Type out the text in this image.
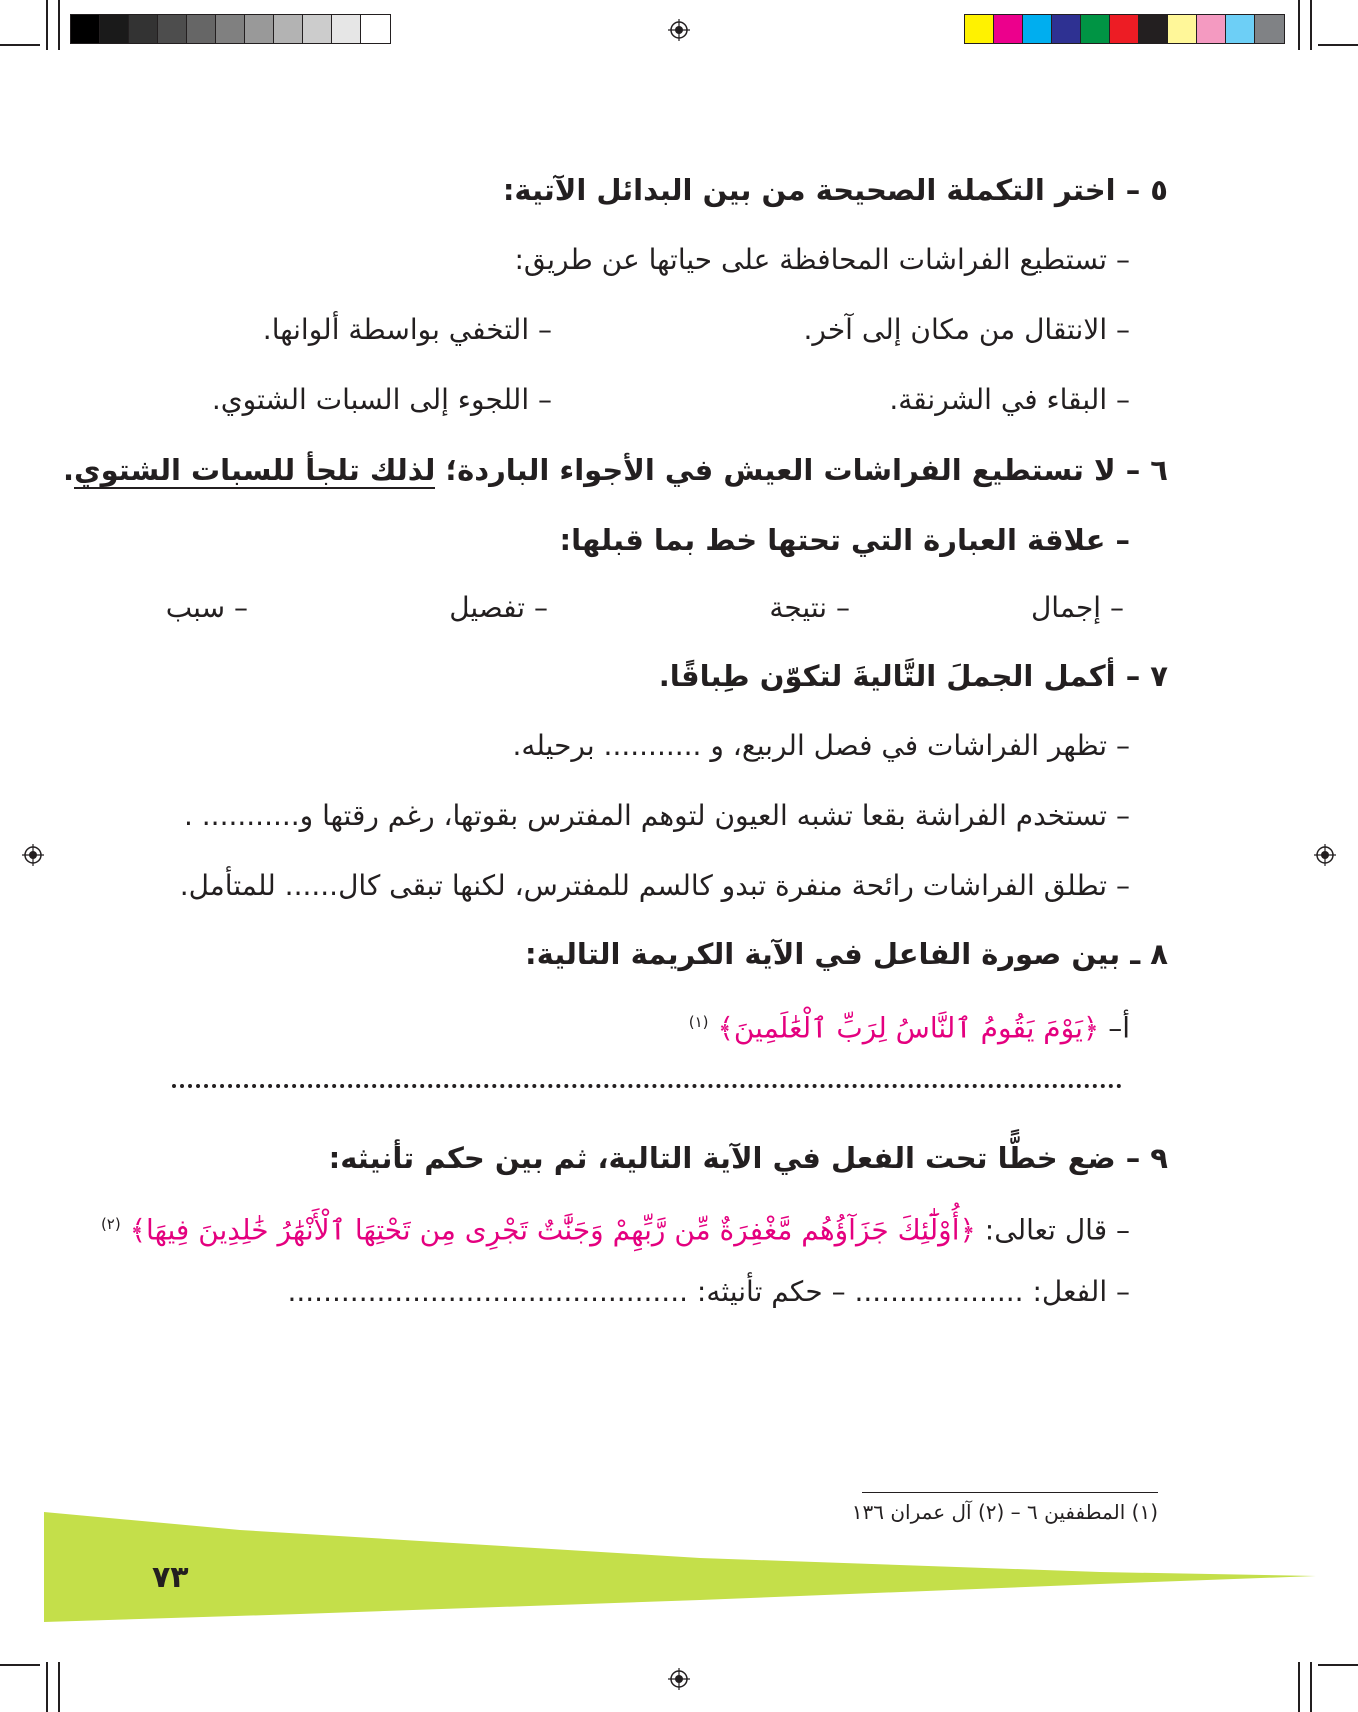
٥ – اختر التكملة الصحيحة من بين البدائل الآتية:
– تستطيع الفراشات المحافظة على حياتها عن طريق:
– الانتقال من مكان إلى آخر.
– التخفي بواسطة ألوانها.
– البقاء في الشرنقة.
– اللجوء إلى السبات الشتوي.
٦ – لا تستطيع الفراشات العيش في الأجواء الباردة؛ لذلك تلجأ للسبات الشتوي.
– علاقة العبارة التي تحتها خط بما قبلها:
– إجمال
– نتيجة
– تفصيل
– سبب
٧ – أكمل الجملَ التَّاليةَ لتكوّن طِباقًا.
– تظهر الفراشات في فصل الربيع، و ........... برحيله.
– تستخدم الفراشة بقعا تشبه العيون لتوهم المفترس بقوتها، رغم رقتها و........... .
– تطلق الفراشات رائحة منفرة تبدو كالسم للمفترس، لكنها تبقى كال...... للمتأمل.
٨ ـ بين صورة الفاعل في الآية الكريمة التالية:
أ– ﴿يَوْمَ يَقُومُ ٱلنَّاسُ لِرَبِّ ٱلْعَٰلَمِينَ﴾ $^{(١)}$
٩ – ضع خطًّا تحت الفعل في الآية التالية، ثم بين حكم تأنيثه:
– قال تعالى: ﴿أُوْلَٰٓئِكَ جَزَآؤُهُم مَّغْفِرَةٌ مِّن رَّبِّهِمْ وَجَنَّٰتٌ تَجْرِى مِن تَحْتِهَا ٱلْأَنْهَٰرُ خَٰلِدِينَ فِيهَا﴾ $^{(٢)}$
– الفعل: ................... – حكم تأنيثه: .............................................
(١) المطففين ٦ – (٢) آل عمران ١٣٦
٧٣
